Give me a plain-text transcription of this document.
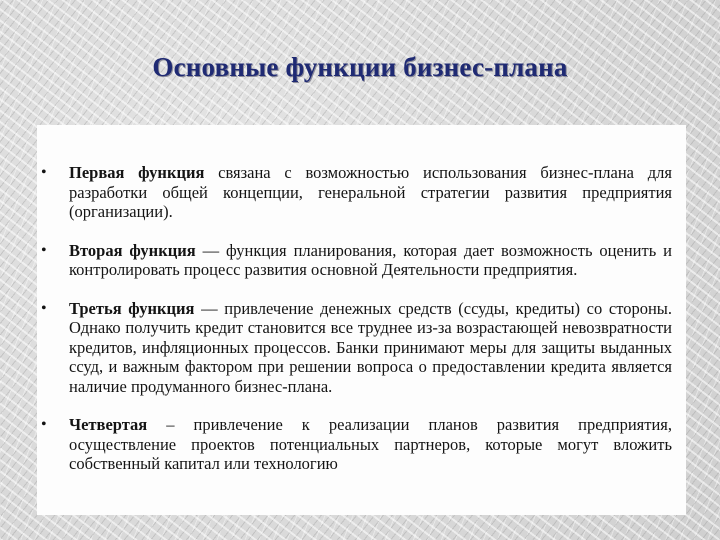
Основные функции бизнес-плана
• Первая функция связана с возможностью использования бизнес-плана для разработки общей концепции, генеральной стратегии развития предприятия (организации).
• Вторая функция — функция планирования, которая дает возможность оценить и контролировать процесс развития основной Деятельности предприятия.
• Третья функция — привлечение денежных средств (ссуды, кредиты) со стороны. Однако получить кредит становится все труднее из-за возрастающей невозвратности кредитов, инфляционных процессов. Банки принимают меры для защиты выданных ссуд, и важным фактором при решении вопроса о предоставлении кредита является наличие продуманного бизнес-плана.
• Четвертая – привлечение к реализации планов развития предприятия, осуществление проектов потенциальных партнеров, которые могут вложить собственный капитал или технологию
